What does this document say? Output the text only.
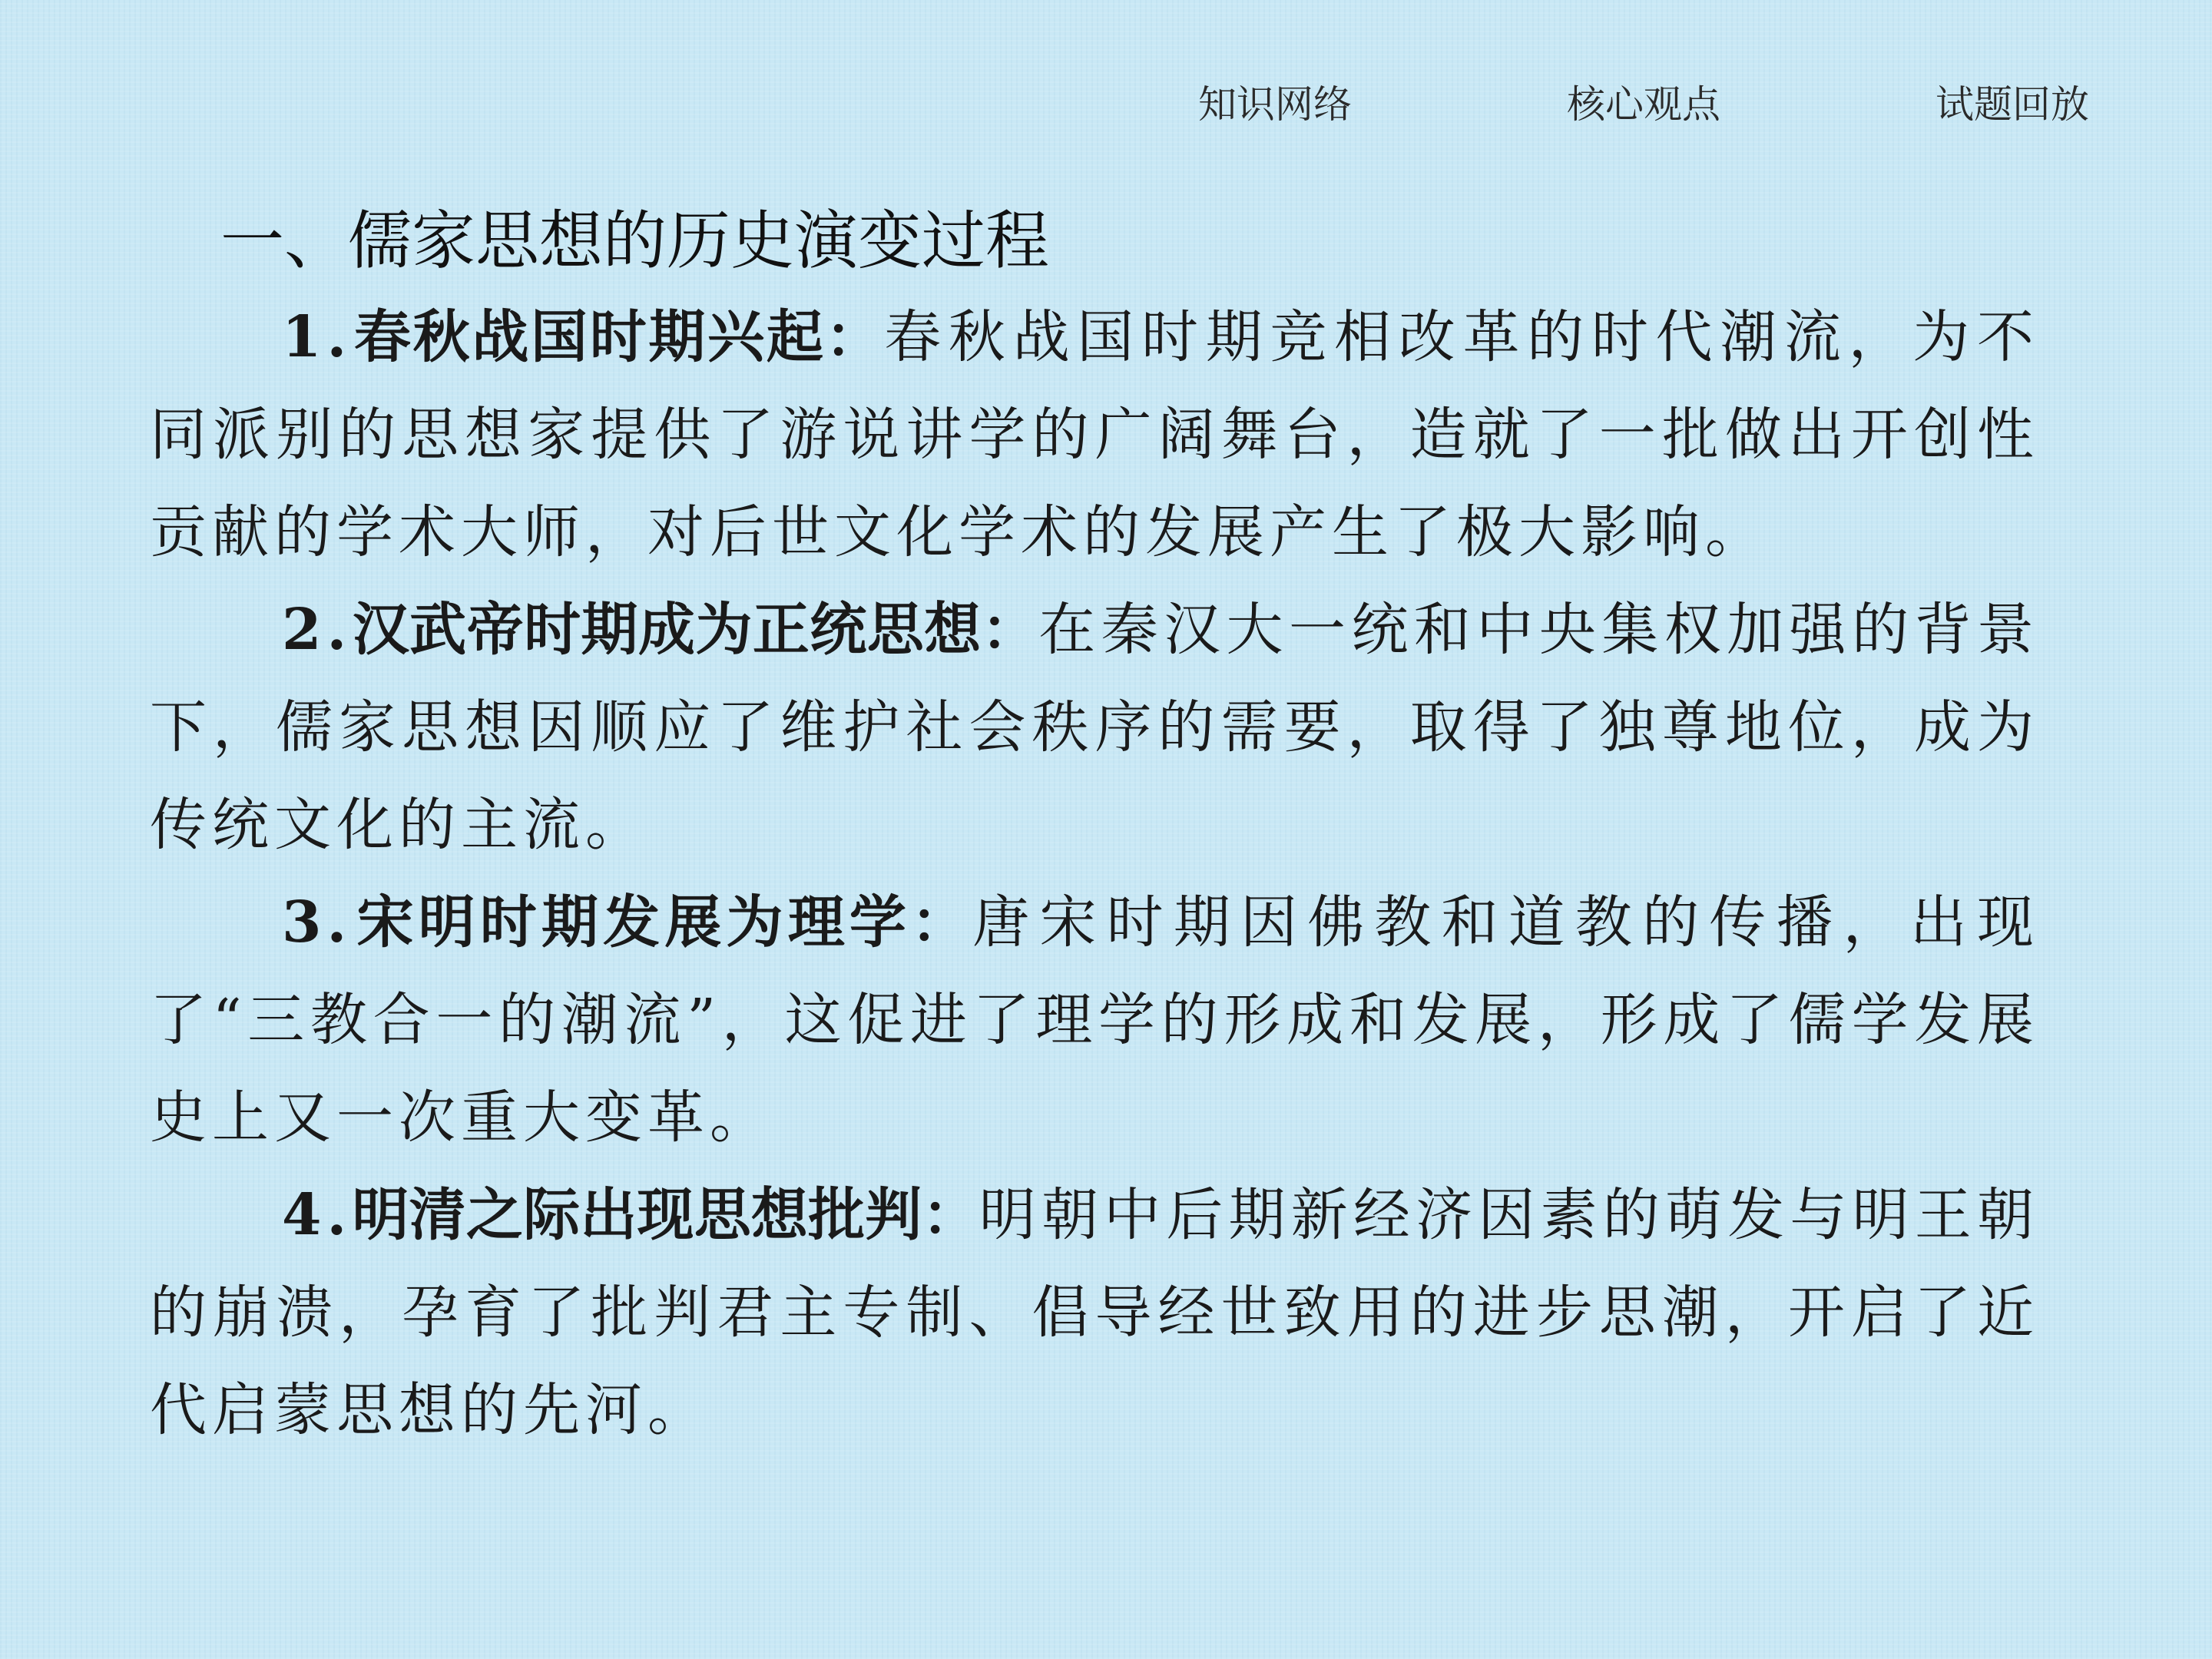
知识网络	核心观点	试题回放
一、儒家思想的历史演变过程

1.春秋战国时期兴起：春秋战国时期竞相改革的时代潮流，为不同派别的思想家提供了游说讲学的广阔舞台，造就了一批做出开创性贡献的学术大师，对后世文化学术的发展产生了极大影响。

2.汉武帝时期成为正统思想：在秦汉大一统和中央集权加强的背景下，儒家思想因顺应了维护社会秩序的需要，取得了独尊地位，成为传统文化的主流。

3.宋明时期发展为理学：唐宋时期因佛教和道教的传播，出现了“三教合一的潮流”，这促进了理学的形成和发展，形成了儒学发展史上又一次重大变革。

4.明清之际出现思想批判：明朝中后期新经济因素的萌发与明王朝的崩溃，孕育了批判君主专制、倡导经世致用的进步思潮，开启了近代启蒙思想的先河。
